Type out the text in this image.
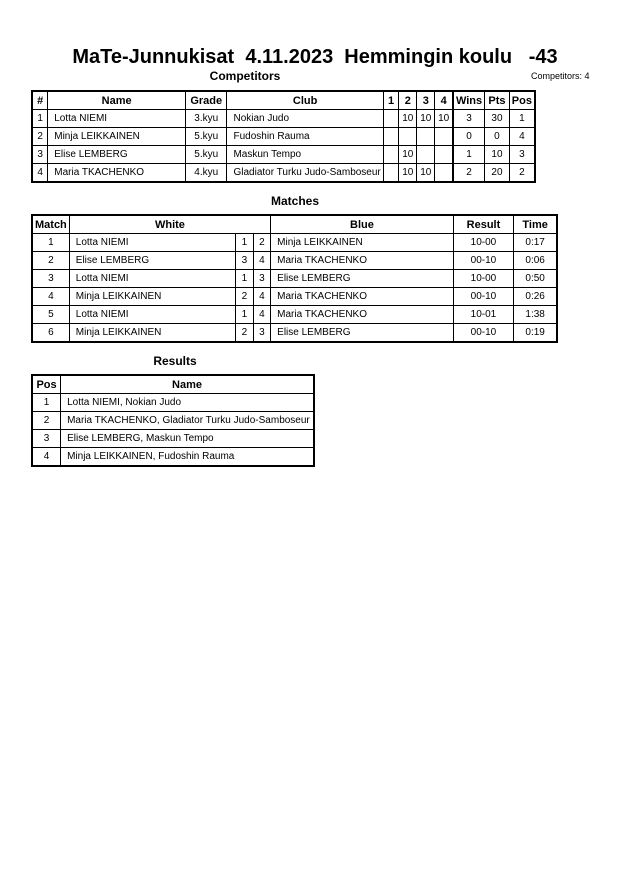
MaTe-Junnukisat  4.11.2023  Hemmingin koulu   -43
Competitors	Competitors: 4
#	Name	Grade	Club	1	2	3	4	Wins	Pts	Pos
1	Lotta NIEMI	3.kyu	Nokian Judo		10	10	10	3	30	1
2	Minja LEIKKAINEN	5.kyu	Fudoshin Rauma					0	0	4
3	Elise LEMBERG	5.kyu	Maskun Tempo		10			1	10	3
4	Maria TKACHENKO	4.kyu	Gladiator Turku Judo-Samboseur		10	10		2	20	2
Matches
Match	White			Blue	Result	Time
1	Lotta NIEMI	1	2	Minja LEIKKAINEN	10-00	0:17
2	Elise LEMBERG	3	4	Maria TKACHENKO	00-10	0:06
3	Lotta NIEMI	1	3	Elise LEMBERG	10-00	0:50
4	Minja LEIKKAINEN	2	4	Maria TKACHENKO	00-10	0:26
5	Lotta NIEMI	1	4	Maria TKACHENKO	10-01	1:38
6	Minja LEIKKAINEN	2	3	Elise LEMBERG	00-10	0:19
Results
Pos	Name
1	Lotta NIEMI, Nokian Judo
2	Maria TKACHENKO, Gladiator Turku Judo-Samboseur
3	Elise LEMBERG, Maskun Tempo
4	Minja LEIKKAINEN, Fudoshin Rauma
